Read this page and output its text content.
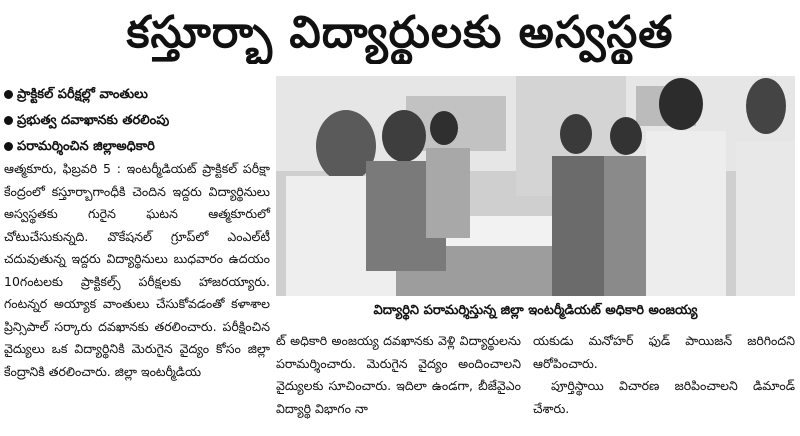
కస్తూర్బా విద్యార్థులకు అస్వస్థత
ప్రాక్టికల్ పరీక్షల్లో వాంతులు
ప్రభుత్వ దవాఖానకు తరలింపు
పరామర్శించిన జిల్లాఅధికారి

ఆత్మకూరు, ఫిబ్రవరి 5 : ఇంటర్మీడియట్ ప్రాక్టికల్ పరీక్షా కేంద్రంలో కస్తూర్బాగాంధీకి చెందిన ఇద్దరు విద్యార్థినులు అస్వస్థతకు గురైన ఘటన ఆత్మకూరులో చోటుచేసుకున్నది. వొకేషనల్ గ్రూప్‌లో ఎంఎల్‌టీ చదువుతున్న ఇద్దరు విద్యార్థినులు బుధవారం ఉదయం 10గంటలకు ప్రాక్టికల్స్ పరీక్షలకు హాజరయ్యారు. గంటన్నర అయ్యాక వాంతులు చేసుకోవడంతో కళాశాల ప్రిన్సిపాల్ సర్కారు దవఖానకు తరలించారు. పరీక్షించిన వైద్యులు ఒక విద్యార్థినికి మెరుగైన వైద్యం కోసం జిల్లా కేంద్రానికి తరలించారు. జిల్లా ఇంటర్మీడియ

విద్యార్థిని పరామర్శిస్తున్న జిల్లా ఇంటర్మీడియట్ అధికారి అంజయ్య

ట్ అధికారి అంజయ్య దవఖానకు వెళ్లి విద్యార్థులను పరామర్శించారు. మెరుగైన వైద్యం అందించాలని వైద్యులకు సూచించారు. ఇదిలా ఉండగా, బీజేవైఎం విద్యార్థి విభాగం నా

యకుడు మనోహర్ ఫుడ్ పాయిజన్ జరిగిందని ఆరోపించారు.

పూర్తిస్థాయి విచారణ జరిపించాలని డిమాండ్ చేశారు.
